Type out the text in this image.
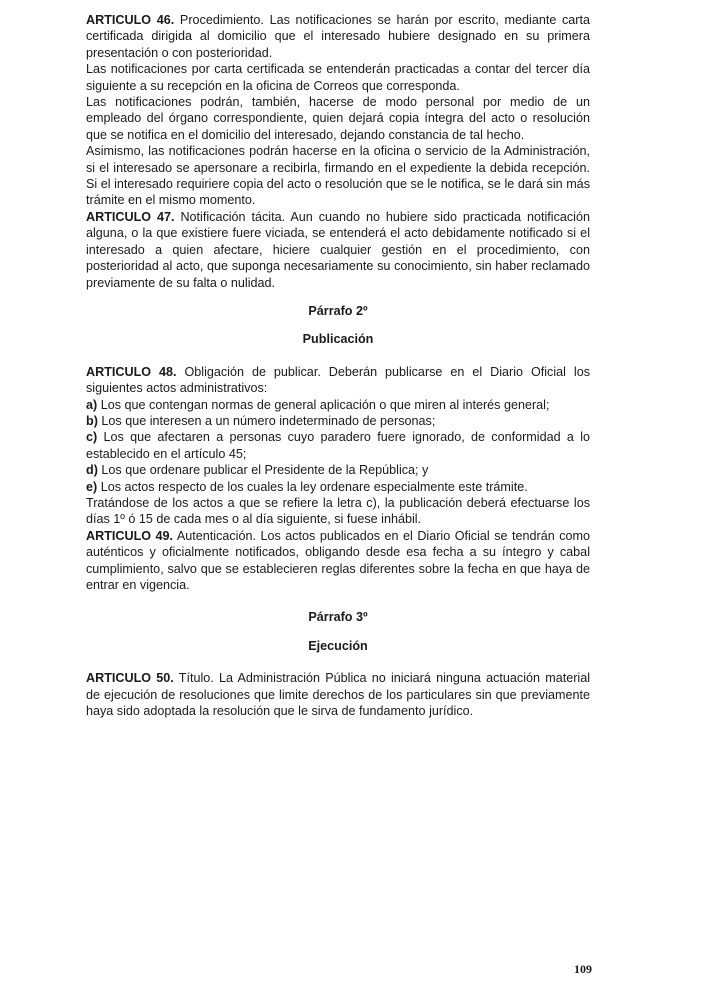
ARTICULO 46. Procedimiento. Las notificaciones se harán por escrito, mediante carta certificada dirigida al domicilio que el interesado hubiere designado en su primera presentación o con posterioridad.

Las notificaciones por carta certificada se entenderán practicadas a contar del tercer día siguiente a su recepción en la oficina de Correos que corresponda.

Las notificaciones podrán, también, hacerse de modo personal por medio de un empleado del órgano correspondiente, quien dejará copia íntegra del acto o resolución que se notifica en el domicilio del interesado, dejando constancia de tal hecho.

Asimismo, las notificaciones podrán hacerse en la oficina o servicio de la Administración, si el interesado se apersonare a recibirla, firmando en el expediente la debida recepción. Si el interesado requiriere copia del acto o resolución que se le notifica, se le dará sin más trámite en el mismo momento.

ARTICULO 47. Notificación tácita. Aun cuando no hubiere sido practicada notificación alguna, o la que existiere fuere viciada, se entenderá el acto debidamente notificado si el interesado a quien afectare, hiciere cualquier gestión en el procedimiento, con posterioridad al acto, que suponga necesariamente su conocimiento, sin haber reclamado previamente de su falta o nulidad.

Párrafo 2º

Publicación

ARTICULO 48. Obligación de publicar. Deberán publicarse en el Diario Oficial los siguientes actos administrativos:

a) Los que contengan normas de general aplicación o que miren al interés general;

b) Los que interesen a un número indeterminado de personas;

c) Los que afectaren a personas cuyo paradero fuere ignorado, de conformidad a lo establecido en el artículo 45;

d) Los que ordenare publicar el Presidente de la República; y

e) Los actos respecto de los cuales la ley ordenare especialmente este trámite.

Tratándose de los actos a que se refiere la letra c), la publicación deberá efectuarse los días 1º ó 15 de cada mes o al día siguiente, si fuese inhábil.

ARTICULO 49. Autenticación. Los actos publicados en el Diario Oficial se tendrán como auténticos y oficialmente notificados, obligando desde esa fecha a su íntegro y cabal cumplimiento, salvo que se establecieren reglas diferentes sobre la fecha en que haya de entrar en vigencia.

Párrafo 3º

Ejecución

ARTICULO 50. Título. La Administración Pública no iniciará ninguna actuación material de ejecución de resoluciones que limite derechos de los particulares sin que previamente haya sido adoptada la resolución que le sirva de fundamento jurídico.

109
